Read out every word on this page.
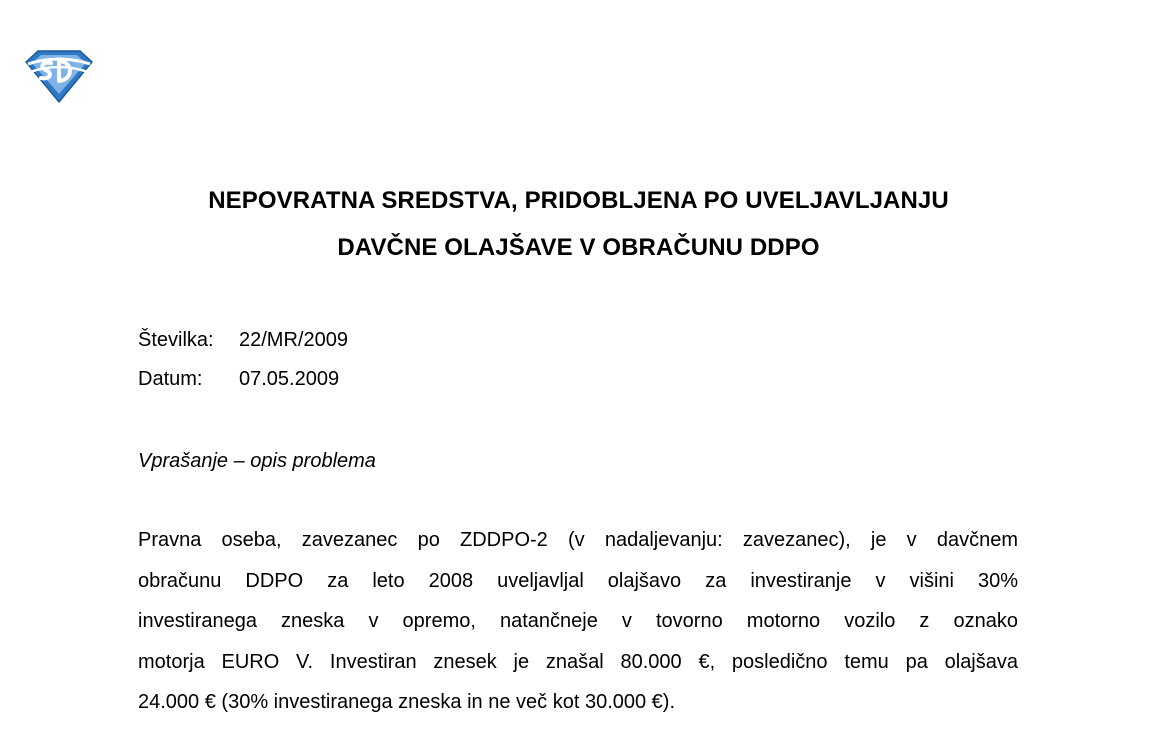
NEPOVRATNA SREDSTVA, PRIDOBLJENA PO UVELJAVLJANJU
DAVČNE OLAJŠAVE V OBRAČUNU DDPO
Številka: 22/MR/2009
Datum: 07.05.2009
Vprašanje – opis problema
Pravna oseba, zavezanec po ZDDPO-2 (v nadaljevanju: zavezanec), je v davčnem
obračunu DDPO za leto 2008 uveljavljal olajšavo za investiranje v višini 30%
investiranega zneska v opremo, natančneje v tovorno motorno vozilo z oznako
motorja EURO V. Investiran znesek je znašal 80.000 €, posledično temu pa olajšava
24.000 € (30% investiranega zneska in ne več kot 30.000 €).
